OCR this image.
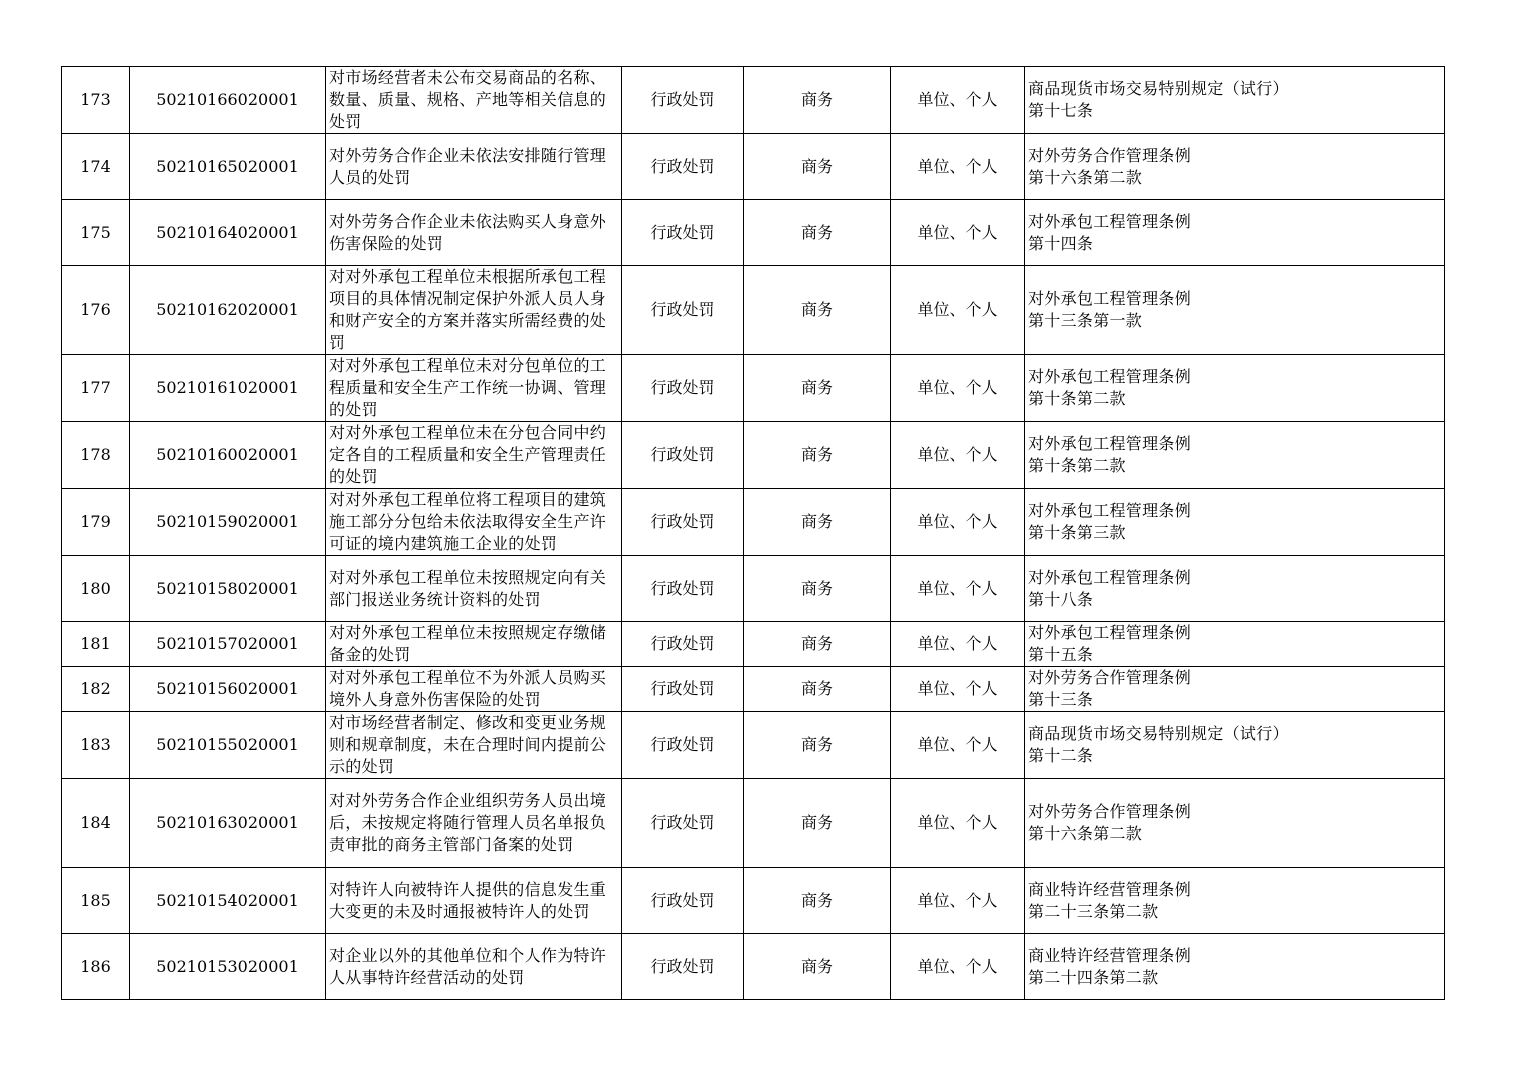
173	50210166020001	对市场经营者未公布交易商品的名称、数量、质量、规格、产地等相关信息的处罚	行政处罚	商务	单位、个人	商品现货市场交易特别规定（试行）
第十七条

174	50210165020001	对外劳务合作企业未依法安排随行管理人员的处罚	行政处罚	商务	单位、个人	对外劳务合作管理条例
第十六条第二款

175	50210164020001	对外劳务合作企业未依法购买人身意外伤害保险的处罚	行政处罚	商务	单位、个人	对外承包工程管理条例
第十四条

176	50210162020001	对对外承包工程单位未根据所承包工程项目的具体情况制定保护外派人员人身和财产安全的方案并落实所需经费的处罚	行政处罚	商务	单位、个人	对外承包工程管理条例
第十三条第一款

177	50210161020001	对对外承包工程单位未对分包单位的工程质量和安全生产工作统一协调、管理的处罚	行政处罚	商务	单位、个人	对外承包工程管理条例
第十条第二款

178	50210160020001	对对外承包工程单位未在分包合同中约定各自的工程质量和安全生产管理责任的处罚	行政处罚	商务	单位、个人	对外承包工程管理条例
第十条第二款

179	50210159020001	对对外承包工程单位将工程项目的建筑施工部分分包给未依法取得安全生产许可证的境内建筑施工企业的处罚	行政处罚	商务	单位、个人	对外承包工程管理条例
第十条第三款

180	50210158020001	对对外承包工程单位未按照规定向有关部门报送业务统计资料的处罚	行政处罚	商务	单位、个人	对外承包工程管理条例
第十八条

181	50210157020001	对对外承包工程单位未按照规定存缴储备金的处罚	行政处罚	商务	单位、个人	对外承包工程管理条例
第十五条

182	50210156020001	对对外承包工程单位不为外派人员购买境外人身意外伤害保险的处罚	行政处罚	商务	单位、个人	对外劳务合作管理条例
第十三条

183	50210155020001	对市场经营者制定、修改和变更业务规则和规章制度，未在合理时间内提前公示的处罚	行政处罚	商务	单位、个人	商品现货市场交易特别规定（试行）
第十二条

184	50210163020001	对对外劳务合作企业组织劳务人员出境后，未按规定将随行管理人员名单报负责审批的商务主管部门备案的处罚	行政处罚	商务	单位、个人	对外劳务合作管理条例
第十六条第二款

185	50210154020001	对特许人向被特许人提供的信息发生重大变更的未及时通报被特许人的处罚	行政处罚	商务	单位、个人	商业特许经营管理条例
第二十三条第二款

186	50210153020001	对企业以外的其他单位和个人作为特许人从事特许经营活动的处罚	行政处罚	商务	单位、个人	商业特许经营管理条例
第二十四条第二款
